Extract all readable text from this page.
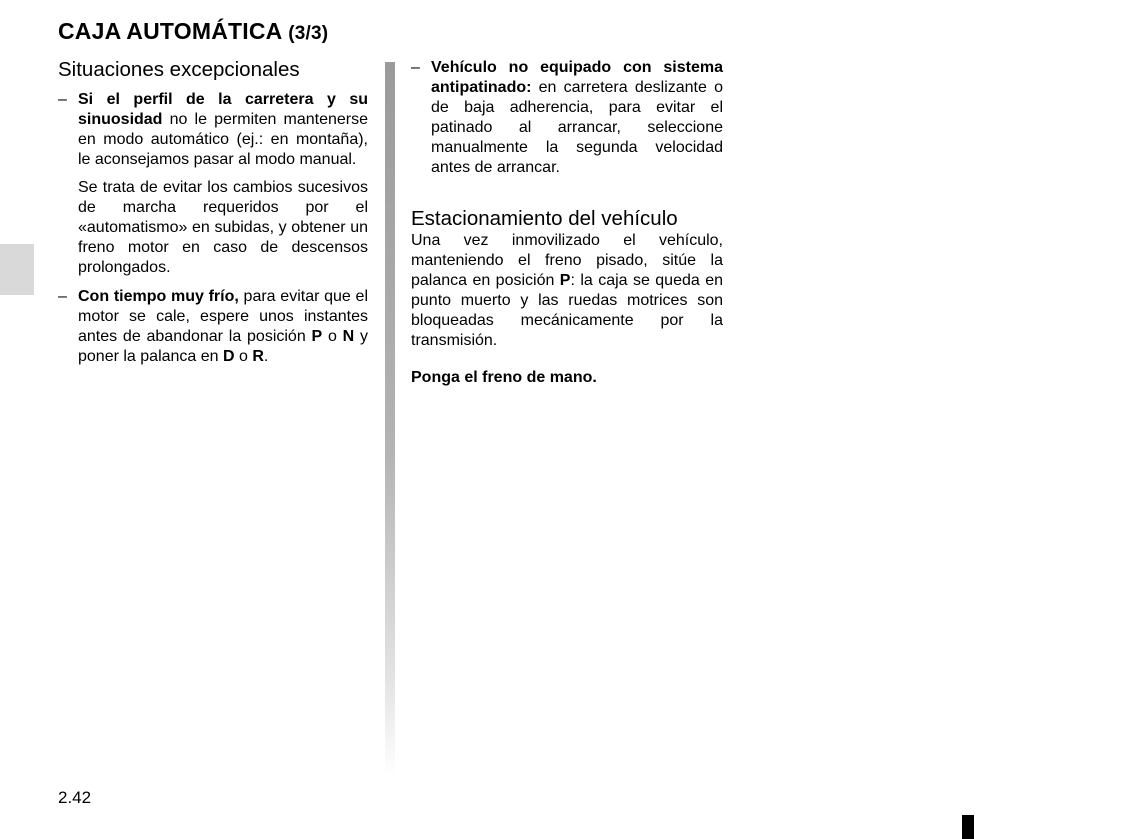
CAJA AUTOMÁTICA (3/3)
Situaciones excepcionales

– Si el perfil de la carretera y su sinuosidad no le permiten mantenerse en modo automático (ej.: en montaña), le aconsejamos pasar al modo manual.

Se trata de evitar los cambios sucesivos de marcha requeridos por el «automatismo» en subidas, y obtener un freno motor en caso de descensos prolongados.

– Con tiempo muy frío, para evitar que el motor se cale, espere unos instantes antes de abandonar la posición P o N y poner la palanca en D o R.

– Vehículo no equipado con sistema antipatinado: en carretera deslizante o de baja adherencia, para evitar el patinado al arrancar, seleccione manualmente la segunda velocidad antes de arrancar.

Estacionamiento del vehículo

Una vez inmovilizado el vehículo, manteniendo el freno pisado, sitúe la palanca en posición P: la caja se queda en punto muerto y las ruedas motrices son bloqueadas mecánicamente por la transmisión.

Ponga el freno de mano.

2.42
